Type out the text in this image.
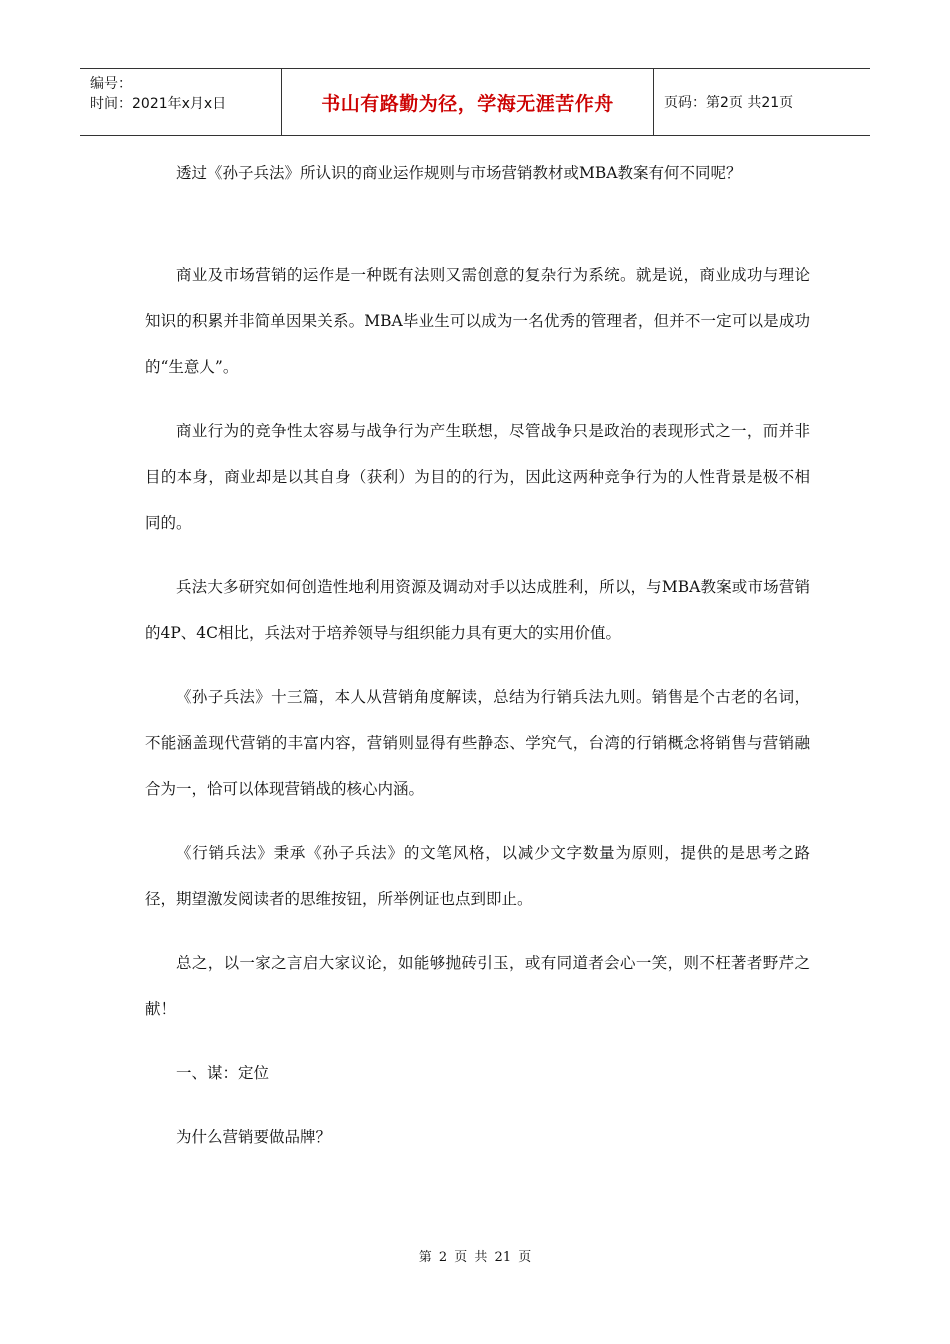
编号：
时间：2021年x月x日	书山有路勤为径，学海无涯苦作舟	页码：第2页 共21页

透过《孙子兵法》所认识的商业运作规则与市场营销教材或MBA教案有何不同呢？

商业及市场营销的运作是一种既有法则又需创意的复杂行为系统。就是说，商业成功与理论知识的积累并非简单因果关系。MBA毕业生可以成为一名优秀的管理者，但并不一定可以是成功的“生意人”。

商业行为的竞争性太容易与战争行为产生联想，尽管战争只是政治的表现形式之一，而并非目的本身，商业却是以其自身（获利）为目的的行为，因此这两种竞争行为的人性背景是极不相同的。

兵法大多研究如何创造性地利用资源及调动对手以达成胜利，所以，与MBA教案或市场营销的4P、4C相比，兵法对于培养领导与组织能力具有更大的实用价值。

《孙子兵法》十三篇，本人从营销角度解读，总结为行销兵法九则。销售是个古老的名词，不能涵盖现代营销的丰富内容，营销则显得有些静态、学究气，台湾的行销概念将销售与营销融合为一，恰可以体现营销战的核心内涵。

《行销兵法》秉承《孙子兵法》的文笔风格，以减少文字数量为原则，提供的是思考之路径，期望激发阅读者的思维按钮，所举例证也点到即止。

总之，以一家之言启大家议论，如能够抛砖引玉，或有同道者会心一笑，则不枉著者野芹之献！

一、谋：定位

为什么营销要做品牌？

第 2 页 共 21 页
